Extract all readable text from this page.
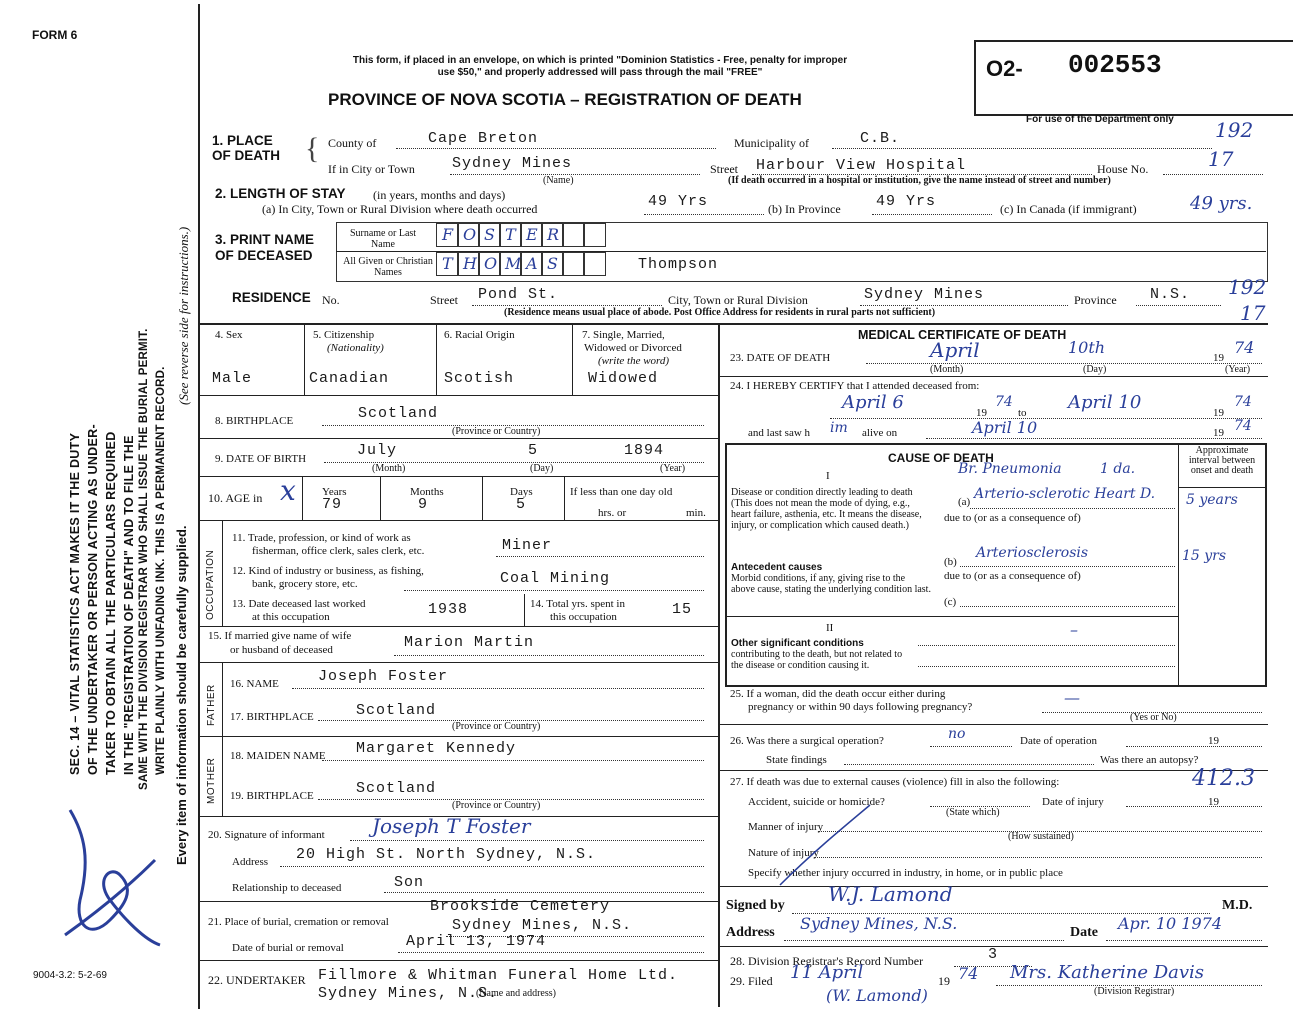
FORM 6
9004-3.2: 5-2-69
SEC. 14 – VITAL STATISTICS ACT MAKES IT THE DUTY OF THE UNDERTAKER OR PERSON ACTING AS UNDER- TAKER TO OBTAIN ALL THE PARTICULARS REQUIRED IN THE "REGISTRATION OF DEATH" AND TO FILE THE SAME WITH THE DIVISION REGISTRAR WHO SHALL ISSUE THE BURIAL PERMIT. WRITE PLAINLY WITH UNFADING INK. THIS IS A PERMANENT RECORD. Every item of information should be carefully supplied.
(See reverse side for instructions.)
This form, if placed in an envelope, on which is printed "Dominion Statistics - Free, penalty for improper
use $50," and properly addressed will pass through the mail "FREE"
PROVINCE OF NOVA SCOTIA – REGISTRATION OF DEATH
O2- 002553
For use of the Department only
1. PLACE OF DEATH { County of	Cape Breton	Municipality of	C.B.	192
If in City or Town Sydney Mines
(Name)
Street Harbour View Hospital	House No.	17
(If death occurred in a hospital or institution, give the name instead of street and number)
2. LENGTH OF STAY (in years, months and days)
(a) In City, Town or Rural Division where death occurred	49 Yrs	(b) In Province 49 Yrs	(c) In Canada (if immigrant)	49 yrs.
3. PRINT NAME OF DECEASED
Surname or Last Name
All Given or Christian Names
F O S T E R
T H O M A S	Thompson
RESIDENCE No.	Street Pond St.	City, Town or Rural Division	Sydney Mines	Province N.S. 192
17
(Residence means usual place of abode. Post Office Address for residents in rural parts not sufficient)
4. Sex
Male
5. Citizenship
(Nationality)
Canadian
6. Racial Origin
Scotish
7. Single, Married,
Widowed or Divorced
(write the word)
Widowed
8. BIRTHPLACE	Scotland
(Province or Country)
9. DATE OF BIRTH	July	5	1894
(Month)	(Day)	(Year)
10. AGE in x Years
79
Months
9
Days
5
If less than one day old
hrs. or	min.
OCCUPATION
11. Trade, profession, or kind of work as
fisherman, office clerk, sales clerk, etc.	Miner
12. Kind of industry or business, as fishing,
bank, grocery store, etc.	Coal Mining
13. Date deceased last worked
at this occupation	1938	14. Total yrs. spent in
this occupation	15
15. If married give name of wife
or husband of deceased	Marion Martin
FATHER
16. NAME	Joseph Foster
17. BIRTHPLACE	Scotland
(Province or Country)
MOTHER
18. MAIDEN NAME Margaret Kennedy
19. BIRTHPLACE	Scotland
(Province or Country)
20. Signature of informant Joseph T Foster
Address 20 High St. North Sydney, N.S.
Relationship to deceased	Son
21. Place of burial, cremation or removal
Brookside Cemetery
Sydney Mines, N.S.
Date of burial or removal	April 13, 1974
22. UNDERTAKER Fillmore & Whitman Funeral Home Ltd.
Sydney Mines, N.S.
(Name and address)
MEDICAL CERTIFICATE OF DEATH
23. DATE OF DEATH	April	10th
19
74
(Month)	(Day)	(Year)
24. I HEREBY CERTIFY that I attended deceased from:
April 6	19
74
to April 10	19
74
and last saw h im alive on	April 10	19 74
CAUSE OF DEATH
Approximate interval between onset and death
I
Disease or condition directly leading to death (This does not mean the mode of dying, e.g., heart failure, asthenia, etc. It means the disease, injury, or complication which caused death.)
Br. Pneumonia	1 da.
(a) Arterio-sclerotic Heart D. 5 years
due to (or as a consequence of)
Antecedent causes
Morbid conditions, if any, giving rise to the above cause, stating the underlying condition last.
(b)
Arteriosclerosis	15 yrs
due to (or as a consequence of)
(c)
II
Other significant conditions
contributing to the death, but not related to the disease or condition causing it.
–
25. If a woman, did the death occur either during
pregnancy or within 90 days following pregnancy?	—
(Yes or No)
26. Was there a surgical operation?	no	Date of operation	19
State findings	Was there an autopsy?
27. If death was due to external causes (violence) fill in also the following:	412.3
Accident, suicide or homicide?
(State which)
Date of injury	19
Manner of injury
(How sustained)
Nature of injury
Specify whether injury occurred in industry, in home, or in public place
Signed by W.J. Lamond	M.D.
Address Sydney Mines, N.S.	Date Apr. 10 1974
28. Division Registrar's Record Number	3
29. Filed 11 April	19 74 Mrs. Katherine Davis
(Division Registrar)
(W. Lamond)
